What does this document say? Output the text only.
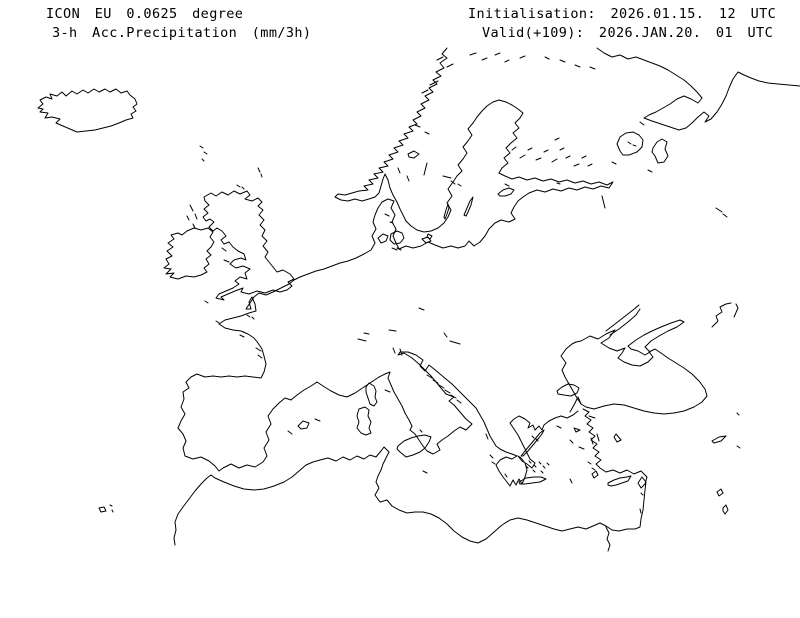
ICON EU 0.0625 degree
3-h Acc.Precipitation (mm/3h)
Initialisation: 2026.01.15. 12 UTC
Valid(+109): 2026.JAN.20. 01 UTC
